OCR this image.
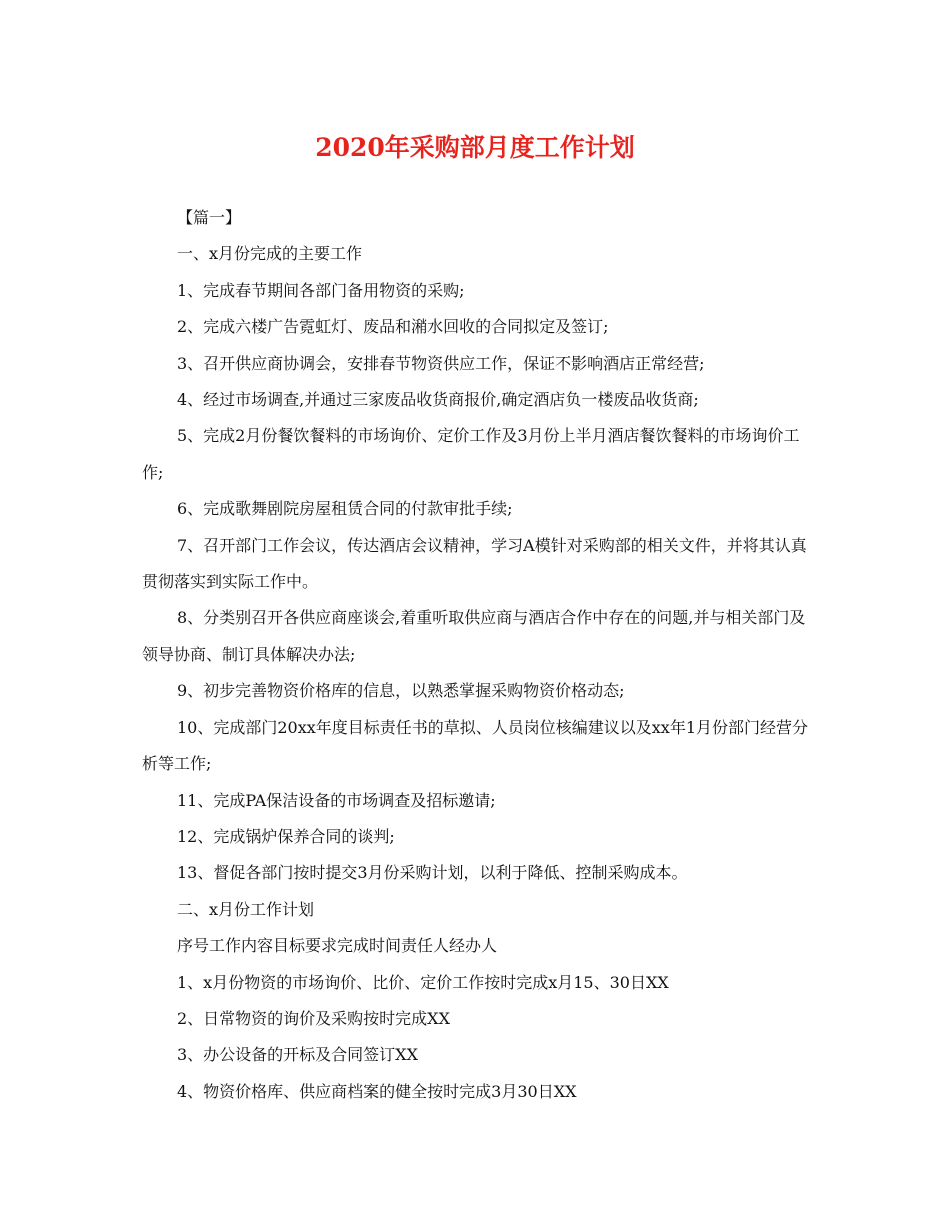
2020年采购部月度工作计划

【篇一】

一、x月份完成的主要工作

1、完成春节期间各部门备用物资的采购;

2、完成六楼广告霓虹灯、废品和潲水回收的合同拟定及签订;

3、召开供应商协调会，安排春节物资供应工作，保证不影响酒店正常经营;

4、经过市场调查,并通过三家废品收货商报价,确定酒店负一楼废品收货商;

5、完成2月份餐饮餐料的市场询价、定价工作及3月份上半月酒店餐饮餐料的市场询价工作;

6、完成歌舞剧院房屋租赁合同的付款审批手续;

7、召开部门工作会议，传达酒店会议精神，学习A模针对采购部的相关文件，并将其认真贯彻落实到实际工作中。

8、分类别召开各供应商座谈会,着重听取供应商与酒店合作中存在的问题,并与相关部门及领导协商、制订具体解决办法;

9、初步完善物资价格库的信息，以熟悉掌握采购物资价格动态;

10、完成部门20xx年度目标责任书的草拟、人员岗位核编建议以及xx年1月份部门经营分析等工作;

11、完成PA保洁设备的市场调查及招标邀请;

12、完成锅炉保养合同的谈判;

13、督促各部门按时提交3月份采购计划，以利于降低、控制采购成本。

二、x月份工作计划

序号工作内容目标要求完成时间责任人经办人

1、x月份物资的市场询价、比价、定价工作按时完成x月15、30日XX

2、日常物资的询价及采购按时完成XX

3、办公设备的开标及合同签订XX

4、物资价格库、供应商档案的健全按时完成3月30日XX
